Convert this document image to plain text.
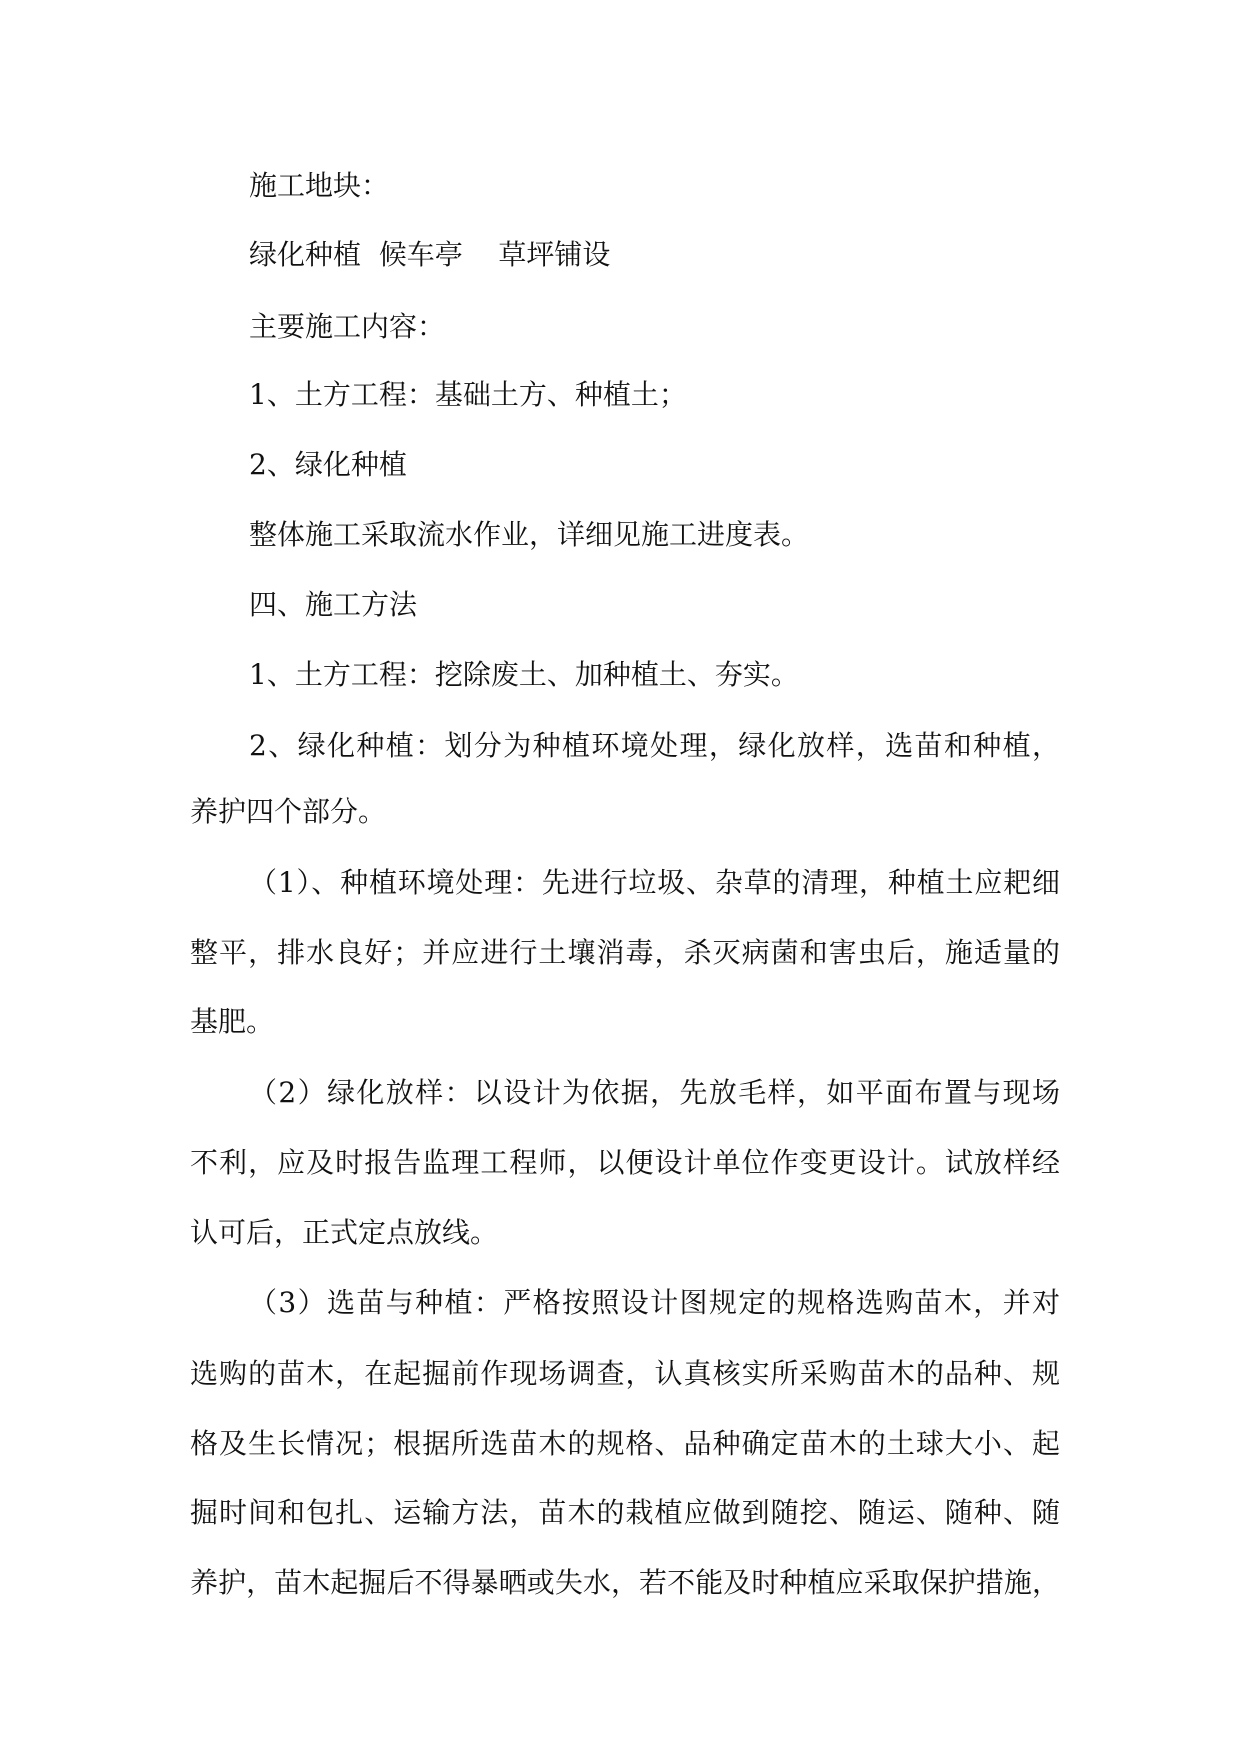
施工地块：
绿化种植  候车亭    草坪铺设
主要施工内容：
1、土方工程：基础土方、种植土；
2、绿化种植
整体施工采取流水作业，详细见施工进度表。
四、施工方法
1、土方工程：挖除废土、加种植土、夯实。
2、绿化种植：划分为种植环境处理，绿化放样，选苗和种植，
养护四个部分。
（1）、种植环境处理：先进行垃圾、杂草的清理，种植土应耙细
整平，排水良好；并应进行土壤消毒，杀灭病菌和害虫后，施适量的
基肥。
（2）绿化放样：以设计为依据，先放毛样，如平面布置与现场
不利，应及时报告监理工程师，以便设计单位作变更设计。试放样经
认可后，正式定点放线。
（3）选苗与种植：严格按照设计图规定的规格选购苗木，并对
选购的苗木，在起掘前作现场调查，认真核实所采购苗木的品种、规
格及生长情况；根据所选苗木的规格、品种确定苗木的土球大小、起
掘时间和包扎、运输方法，苗木的栽植应做到随挖、随运、随种、随
养护，苗木起掘后不得暴晒或失水，若不能及时种植应采取保护措施，
